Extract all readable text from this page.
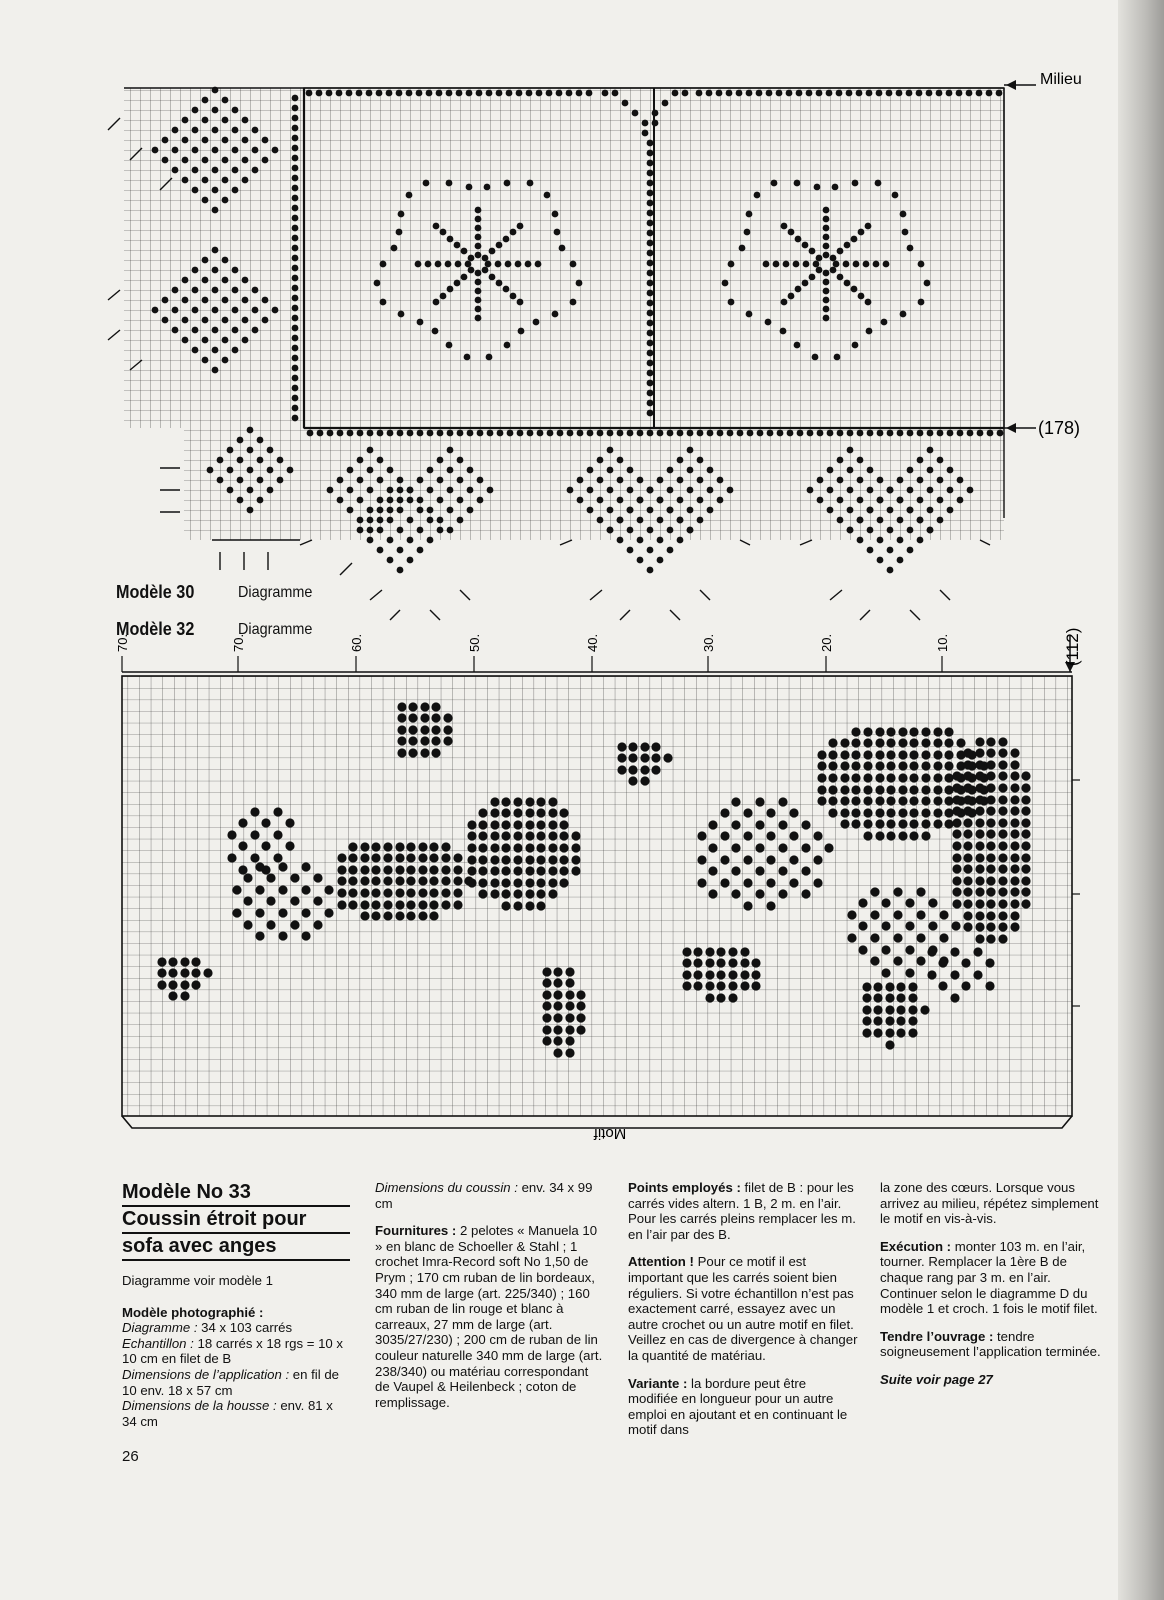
Milieu
(178)
Modèle 30	Diagramme
Modèle 32	Diagramme
70.	70.	60.	50.	40.	30.	20.	10.	(112)
Motif
Modèle No 33
Coussin étroit pour
sofa avec anges

Diagramme voir modèle 1

Modèle photographié :

Diagramme : 34 x 103 carrés
Echantillon : 18 carrés x 18 rgs = 10 x 10 cm en filet de B
Dimensions de l’application : en fil de 10 env. 18 x 57 cm
Dimensions de la housse : env. 81 x 34 cm
26

Dimensions du coussin : env. 34 x 99 cm

Fournitures : 2 pelotes « Manuela 10 » en blanc de Schoeller & Stahl ; 1 crochet Imra-Record soft No 1,50 de Prym ; 170 cm ruban de lin bordeaux, 340 mm de large (art. 225/340) ; 160 cm ruban de lin rouge et blanc à carreaux, 27 mm de large (art. 3035/27/230) ; 200 cm de ruban de lin couleur naturelle 340 mm de large (art. 238/340) ou matériau correspondant de Vaupel & Heilenbeck ; coton de remplissage.

Points employés : filet de B : pour les carrés vides altern. 1 B, 2 m. en l’air. Pour les carrés pleins remplacer les m. en l’air par des B.

Attention ! Pour ce motif il est important que les carrés soient bien réguliers. Si votre échantillon n’est pas exactement carré, essayez avec un autre crochet ou un autre motif en filet. Veillez en cas de divergence à changer la quantité de matériau.

Variante : la bordure peut être modifiée en longueur pour un autre emploi en ajoutant et en continuant le motif dans

la zone des cœurs. Lorsque vous arrivez au milieu, répétez simplement le motif en vis-à-vis.

Exécution : monter 103 m. en l’air, tourner. Remplacer la 1ère B de chaque rang par 3 m. en l’air. Continuer selon le diagramme D du modèle 1 et croch. 1 fois le motif filet.

Tendre l’ouvrage : tendre soigneusement l’application terminée.

Suite voir page 27
